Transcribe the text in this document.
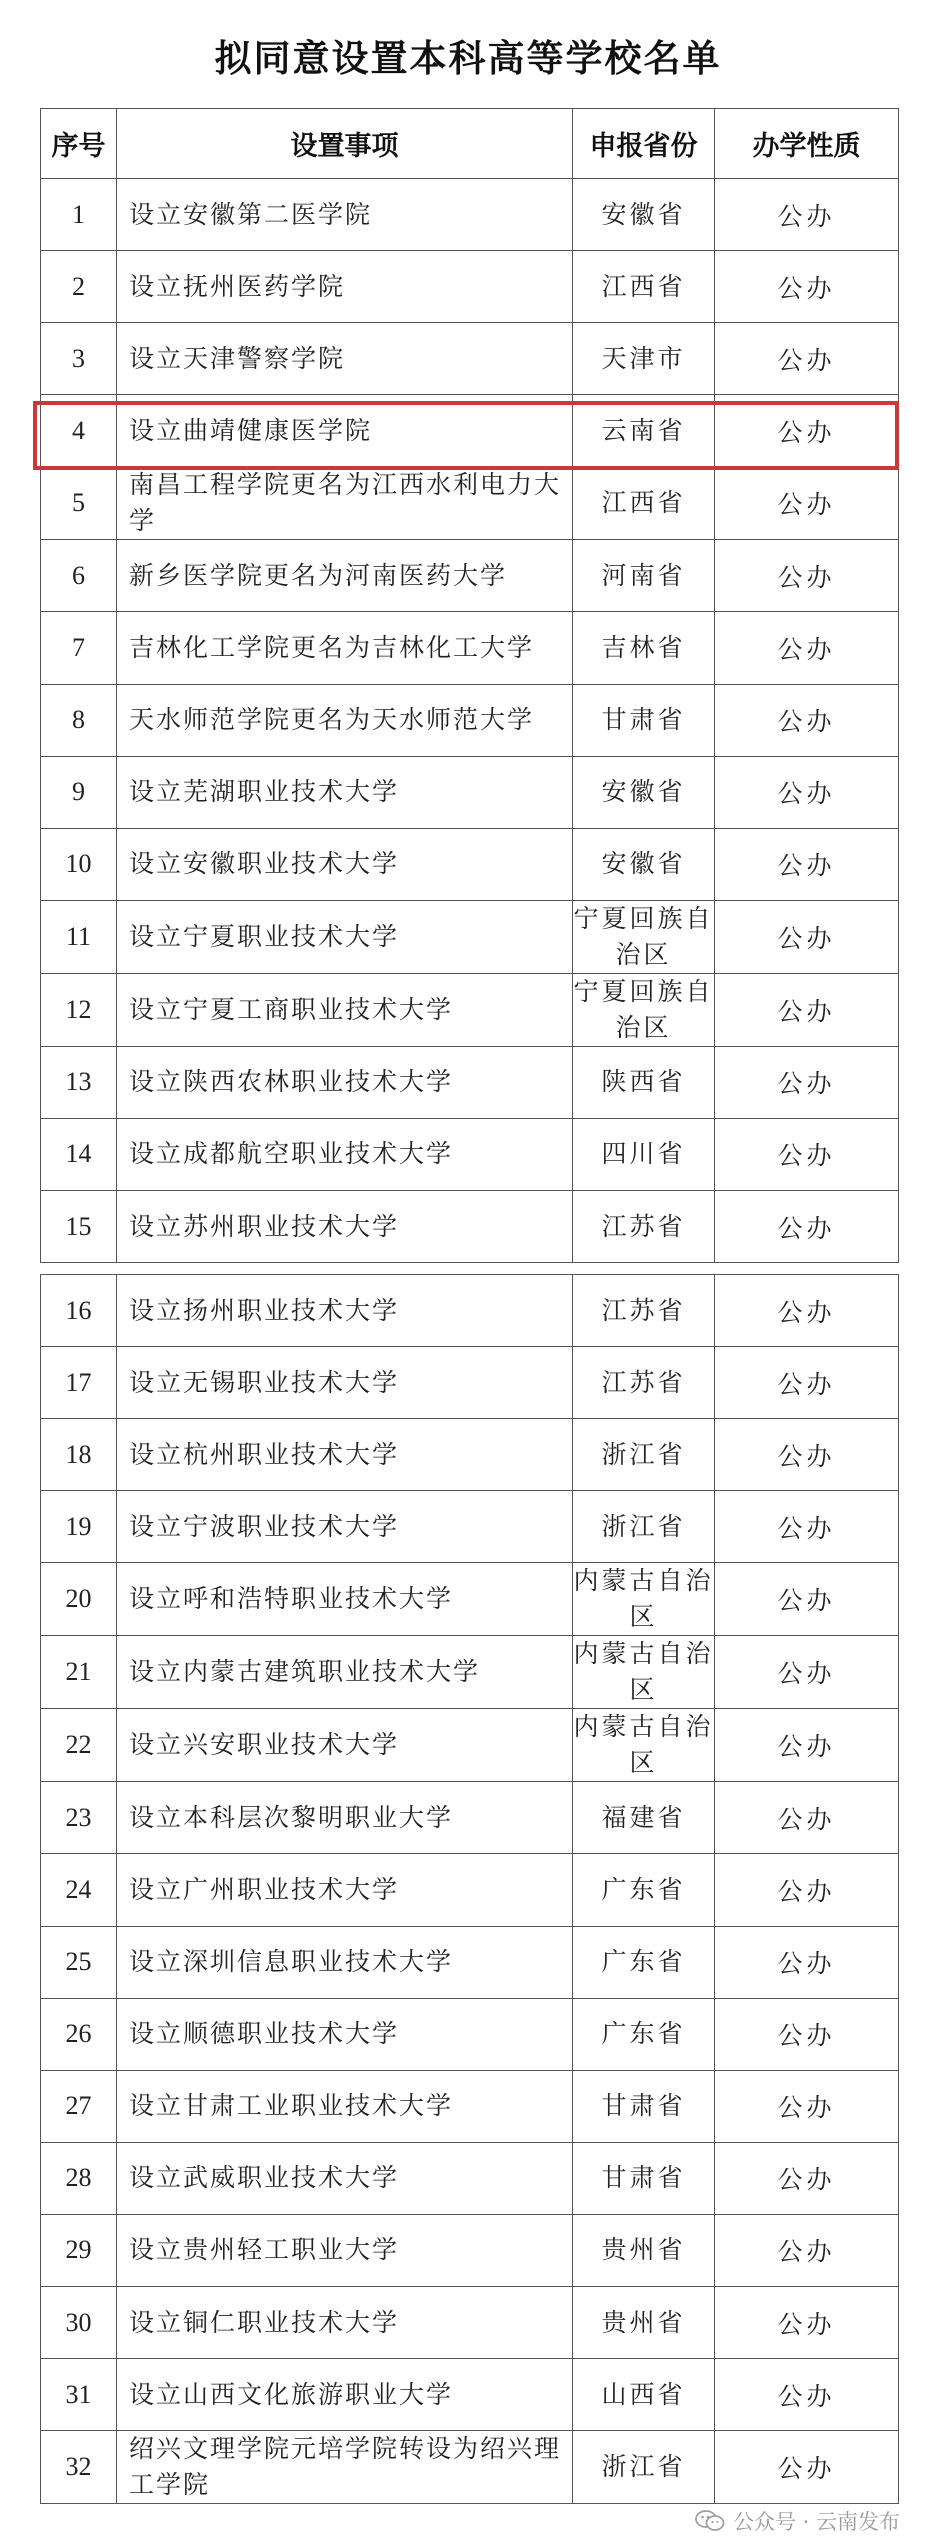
拟同意设置本科高等学校名单
序号	设置事项	申报省份	办学性质
1	设立安徽第二医学院	安徽省	公办
2	设立抚州医药学院	江西省	公办
3	设立天津警察学院	天津市	公办
4	设立曲靖健康医学院	云南省	公办
5	南昌工程学院更名为江西水利电力大学	江西省	公办
6	新乡医学院更名为河南医药大学	河南省	公办
7	吉林化工学院更名为吉林化工大学	吉林省	公办
8	天水师范学院更名为天水师范大学	甘肃省	公办
9	设立芜湖职业技术大学	安徽省	公办
10	设立安徽职业技术大学	安徽省	公办
11	设立宁夏职业技术大学	宁夏回族自治区	公办
12	设立宁夏工商职业技术大学	宁夏回族自治区	公办
13	设立陕西农林职业技术大学	陕西省	公办
14	设立成都航空职业技术大学	四川省	公办
15	设立苏州职业技术大学	江苏省	公办
16	设立扬州职业技术大学	江苏省	公办
17	设立无锡职业技术大学	江苏省	公办
18	设立杭州职业技术大学	浙江省	公办
19	设立宁波职业技术大学	浙江省	公办
20	设立呼和浩特职业技术大学	内蒙古自治区	公办
21	设立内蒙古建筑职业技术大学	内蒙古自治区	公办
22	设立兴安职业技术大学	内蒙古自治区	公办
23	设立本科层次黎明职业大学	福建省	公办
24	设立广州职业技术大学	广东省	公办
25	设立深圳信息职业技术大学	广东省	公办
26	设立顺德职业技术大学	广东省	公办
27	设立甘肃工业职业技术大学	甘肃省	公办
28	设立武威职业技术大学	甘肃省	公办
29	设立贵州轻工职业大学	贵州省	公办
30	设立铜仁职业技术大学	贵州省	公办
31	设立山西文化旅游职业大学	山西省	公办
32	绍兴文理学院元培学院转设为绍兴理工学院	浙江省	公办
公众号 · 云南发布
